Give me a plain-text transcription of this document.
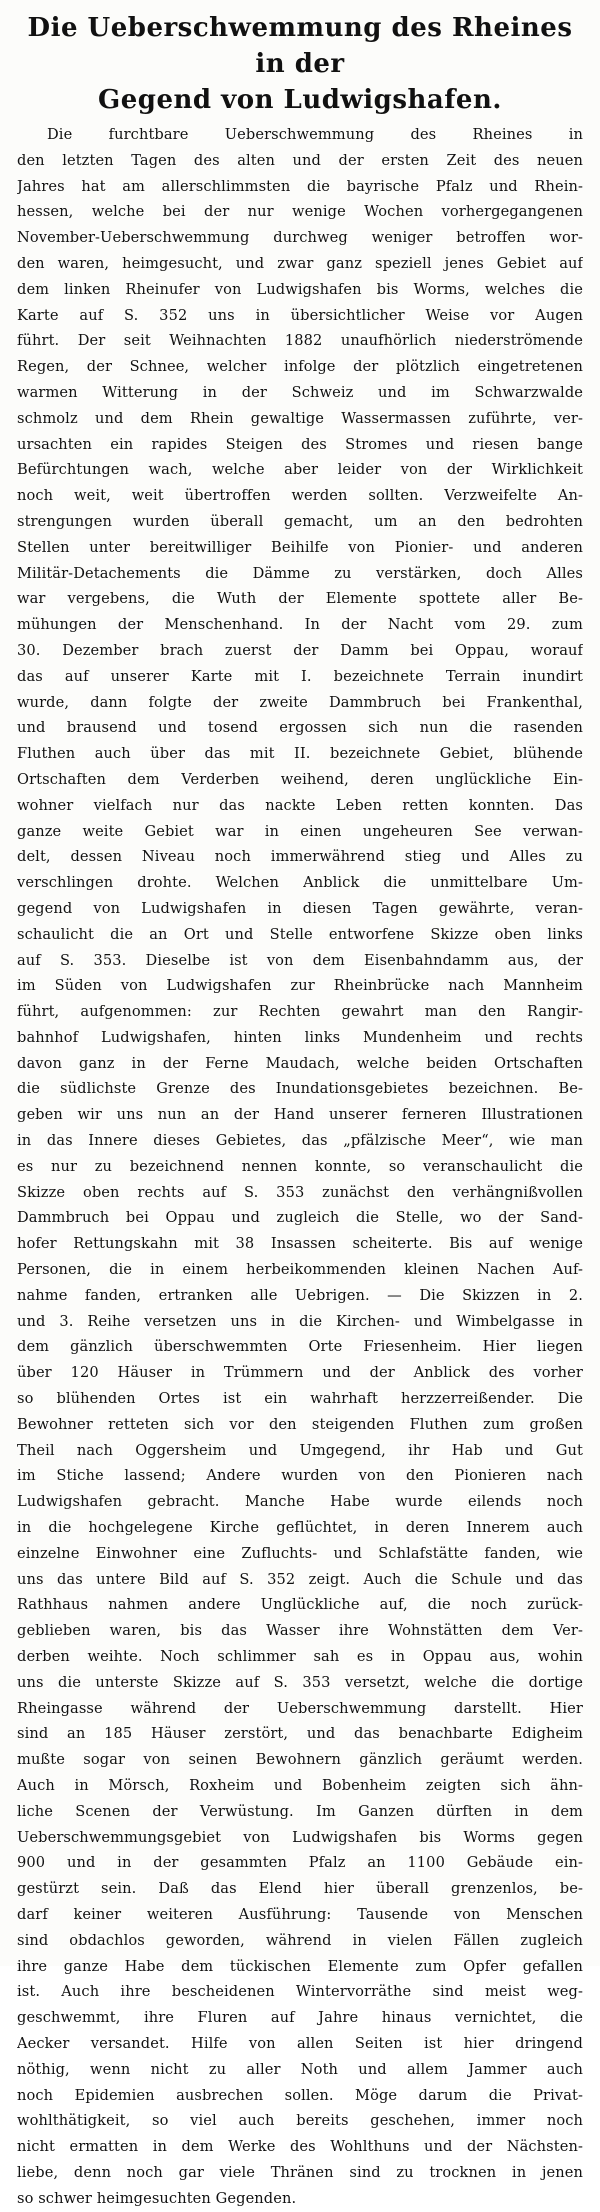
Die Ueberschwemmung des Rheines in der
Gegend von Ludwigshafen.
Die furchtbare Ueberschwemmung des Rheines in
den letzten Tagen des alten und der ersten Zeit des neuen
Jahres hat am allerschlimmsten die bayrische Pfalz und Rhein-
hessen, welche bei der nur wenige Wochen vorhergegangenen
November-Ueberschwemmung durchweg weniger betroffen wor-
den waren, heimgesucht, und zwar ganz speziell jenes Gebiet auf
dem linken Rheinufer von Ludwigshafen bis Worms, welches die
Karte auf S. 352 uns in übersichtlicher Weise vor Augen
führt. Der seit Weihnachten 1882 unaufhörlich niederströmende
Regen, der Schnee, welcher infolge der plötzlich eingetretenen
warmen Witterung in der Schweiz und im Schwarzwalde
schmolz und dem Rhein gewaltige Wassermassen zuführte, ver-
ursachten ein rapides Steigen des Stromes und riesen bange
Befürchtungen wach, welche aber leider von der Wirklichkeit
noch weit, weit übertroffen werden sollten. Verzweifelte An-
strengungen wurden überall gemacht, um an den bedrohten
Stellen unter bereitwilliger Beihilfe von Pionier- und anderen
Militär-Detachements die Dämme zu verstärken, doch Alles
war vergebens, die Wuth der Elemente spottete aller Be-
mühungen der Menschenhand. In der Nacht vom 29. zum
30. Dezember brach zuerst der Damm bei Oppau, worauf
das auf unserer Karte mit I. bezeichnete Terrain inundirt
wurde, dann folgte der zweite Dammbruch bei Frankenthal,
und brausend und tosend ergossen sich nun die rasenden
Fluthen auch über das mit II. bezeichnete Gebiet, blühende
Ortschaften dem Verderben weihend, deren unglückliche Ein-
wohner vielfach nur das nackte Leben retten konnten. Das
ganze weite Gebiet war in einen ungeheuren See verwan-
delt, dessen Niveau noch immerwährend stieg und Alles zu
verschlingen drohte. Welchen Anblick die unmittelbare Um-
gegend von Ludwigshafen in diesen Tagen gewährte, veran-
schaulicht die an Ort und Stelle entworfene Skizze oben links
auf S. 353. Dieselbe ist von dem Eisenbahndamm aus, der
im Süden von Ludwigshafen zur Rheinbrücke nach Mannheim
führt, aufgenommen: zur Rechten gewahrt man den Rangir-
bahnhof Ludwigshafen, hinten links Mundenheim und rechts
davon ganz in der Ferne Maudach, welche beiden Ortschaften
die südlichste Grenze des Inundationsgebietes bezeichnen. Be-
geben wir uns nun an der Hand unserer ferneren Illustrationen
in das Innere dieses Gebietes, das „pfälzische Meer“, wie man
es nur zu bezeichnend nennen konnte, so veranschaulicht die
Skizze oben rechts auf S. 353 zunächst den verhängnißvollen
Dammbruch bei Oppau und zugleich die Stelle, wo der Sand-
hofer Rettungskahn mit 38 Insassen scheiterte. Bis auf wenige
Personen, die in einem herbeikommenden kleinen Nachen Auf-
nahme fanden, ertranken alle Uebrigen. — Die Skizzen in 2.
und 3. Reihe versetzen uns in die Kirchen- und Wimbelgasse in
dem gänzlich überschwemmten Orte Friesenheim. Hier liegen
über 120 Häuser in Trümmern und der Anblick des vorher
so blühenden Ortes ist ein wahrhaft herzzerreißender. Die
Bewohner retteten sich vor den steigenden Fluthen zum großen
Theil nach Oggersheim und Umgegend, ihr Hab und Gut
im Stiche lassend; Andere wurden von den Pionieren nach
Ludwigshafen gebracht. Manche Habe wurde eilends noch
in die hochgelegene Kirche geflüchtet, in deren Innerem auch
einzelne Einwohner eine Zufluchts- und Schlafstätte fanden, wie
uns das untere Bild auf S. 352 zeigt. Auch die Schule und das
Rathhaus nahmen andere Unglückliche auf, die noch zurück-
geblieben waren, bis das Wasser ihre Wohnstätten dem Ver-
derben weihte. Noch schlimmer sah es in Oppau aus, wohin
uns die unterste Skizze auf S. 353 versetzt, welche die dortige
Rheingasse während der Ueberschwemmung darstellt. Hier
sind an 185 Häuser zerstört, und das benachbarte Edigheim
mußte sogar von seinen Bewohnern gänzlich geräumt werden.
Auch in Mörsch, Roxheim und Bobenheim zeigten sich ähn-
liche Scenen der Verwüstung. Im Ganzen dürften in dem
Ueberschwemmungsgebiet von Ludwigshafen bis Worms gegen
900 und in der gesammten Pfalz an 1100 Gebäude ein-
gestürzt sein. Daß das Elend hier überall grenzenlos, be-
darf keiner weiteren Ausführung: Tausende von Menschen
sind obdachlos geworden, während in vielen Fällen zugleich
ihre ganze Habe dem tückischen Elemente zum Opfer gefallen
ist. Auch ihre bescheidenen Wintervorräthe sind meist weg-
geschwemmt, ihre Fluren auf Jahre hinaus vernichtet, die
Aecker versandet. Hilfe von allen Seiten ist hier dringend
nöthig, wenn nicht zu aller Noth und allem Jammer auch
noch Epidemien ausbrechen sollen. Möge darum die Privat-
wohlthätigkeit, so viel auch bereits geschehen, immer noch
nicht ermatten in dem Werke des Wohlthuns und der Nächsten-
liebe, denn noch gar viele Thränen sind zu trocknen in jenen
so schwer heimgesuchten Gegenden.
